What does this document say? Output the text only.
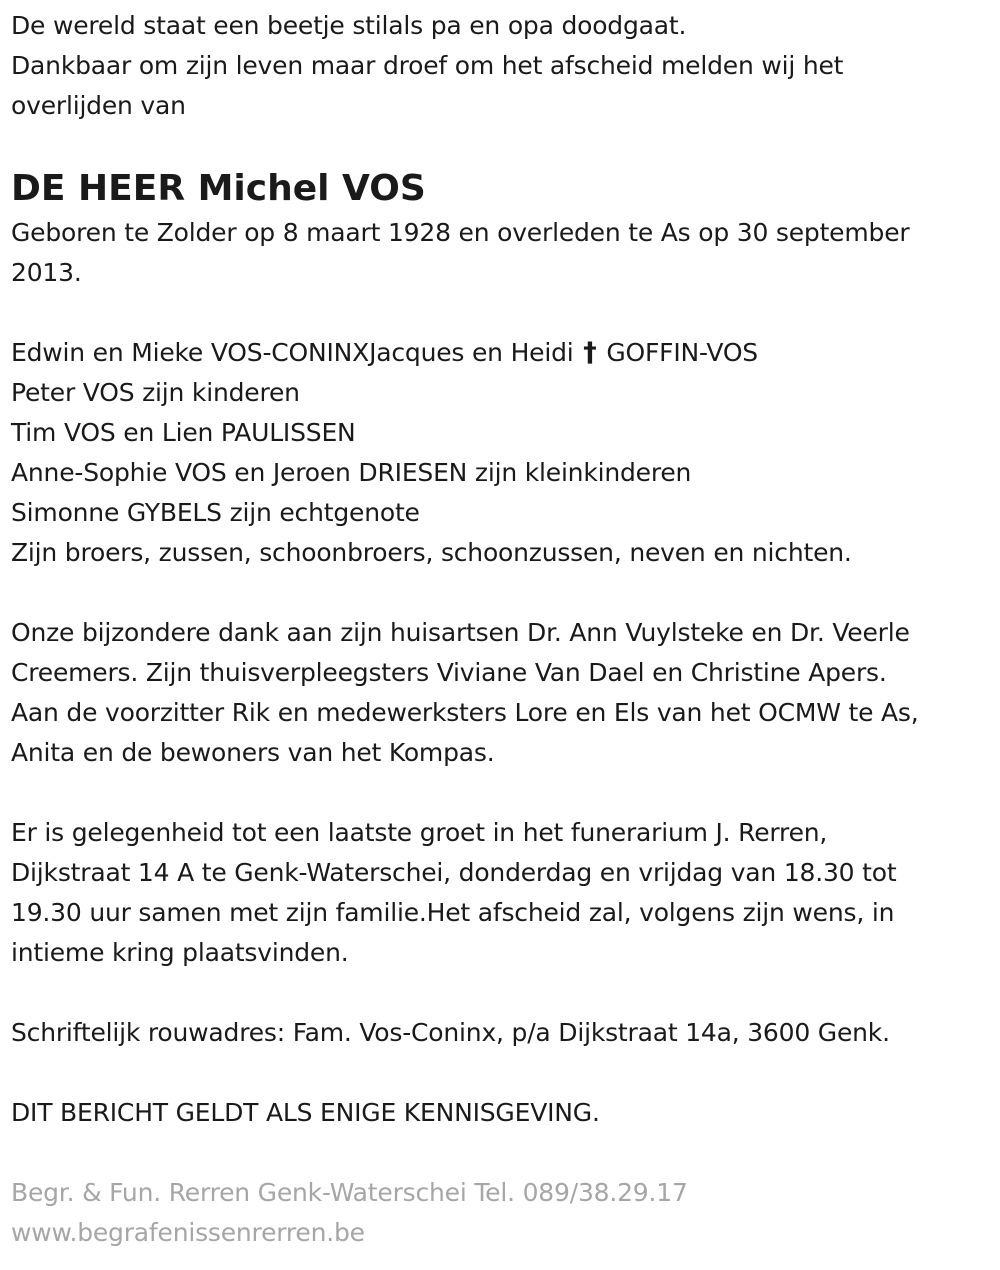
De wereld staat een beetje stilals pa en opa doodgaat.
Dankbaar om zijn leven maar droef om het afscheid melden wij het
overlijden van
DE HEER Michel VOS
Geboren te Zolder op 8 maart 1928 en overleden te As op 30 september
2013.
Edwin en Mieke VOS-CONINXJacques en Heidi † GOFFIN-VOS
Peter VOS zijn kinderen
Tim VOS en Lien PAULISSEN
Anne-Sophie VOS en Jeroen DRIESEN zijn kleinkinderen
Simonne GYBELS zijn echtgenote
Zijn broers, zussen, schoonbroers, schoonzussen, neven en nichten.
Onze bijzondere dank aan zijn huisartsen Dr. Ann Vuylsteke en Dr. Veerle
Creemers. Zijn thuisverpleegsters Viviane Van Dael en Christine Apers.
Aan de voorzitter Rik en medewerksters Lore en Els van het OCMW te As,
Anita en de bewoners van het Kompas.
Er is gelegenheid tot een laatste groet in het funerarium J. Rerren,
Dijkstraat 14 A te Genk-Waterschei, donderdag en vrijdag van 18.30 tot
19.30 uur samen met zijn familie.Het afscheid zal, volgens zijn wens, in
intieme kring plaatsvinden.
Schriftelijk rouwadres: Fam. Vos-Coninx, p/a Dijkstraat 14a, 3600 Genk.
DIT BERICHT GELDT ALS ENIGE KENNISGEVING.
Begr. & Fun. Rerren Genk-Waterschei Tel. 089/38.29.17
www.begrafenissenrerren.be
